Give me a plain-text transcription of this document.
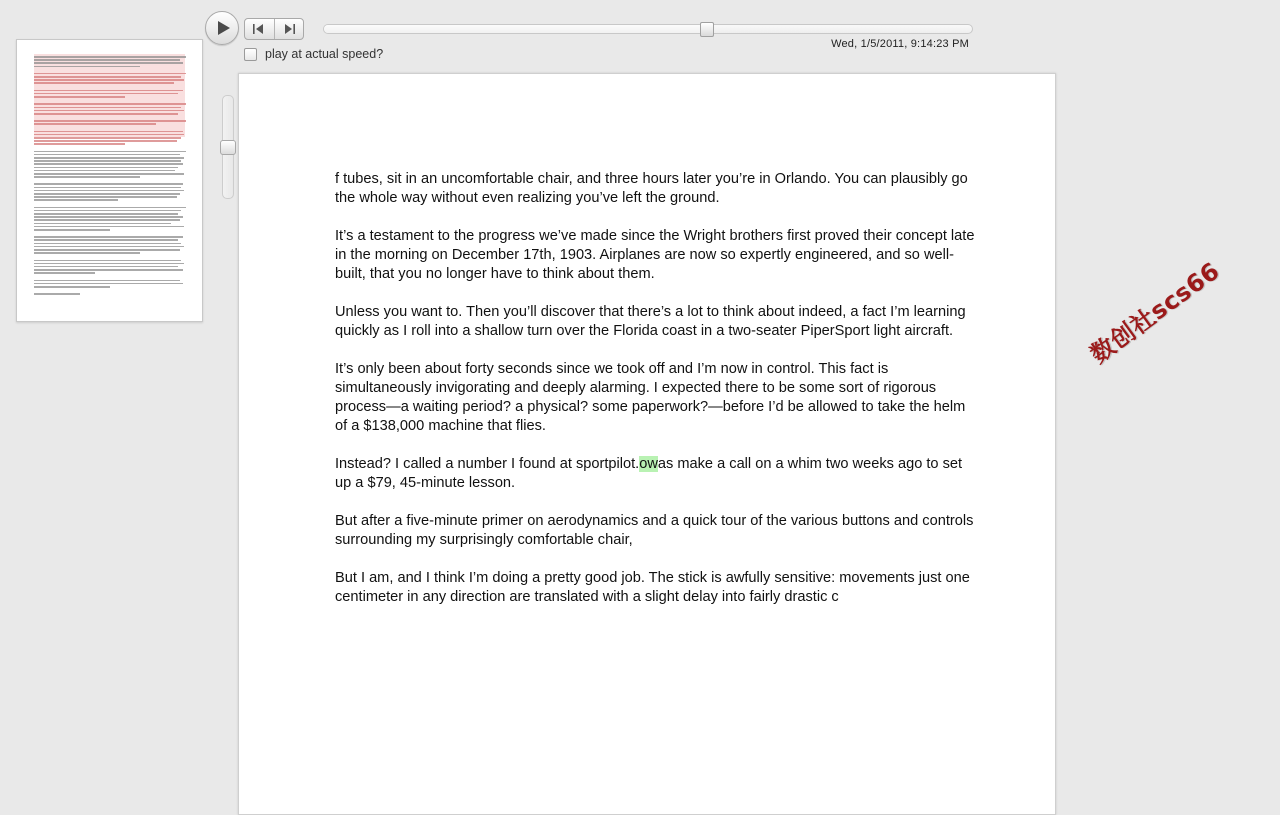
Wed, 1/5/2011, 9:14:23 PM
play at actual speed?

f tubes, sit in an uncomfortable chair, and three hours later you’re in Orlando. You can plausibly go the whole way without even realizing you’ve left the ground.

It’s a testament to the progress we’ve made since the Wright brothers first proved their concept late in the morning on December 17th, 1903. Airplanes are now so expertly engineered, and so well-built, that you no longer have to think about them.

Unless you want to. Then you’ll discover that there’s a lot to think about indeed, a fact I’m learning quickly as I roll into a shallow turn over the Florida coast in a two-seater PiperSport light aircraft.

It’s only been about forty seconds since we took off and I’m now in control. This fact is simultaneously invigorating and deeply alarming. I expected there to be some sort of rigorous process—a waiting period? a physical? some paperwork?—before I’d be allowed to take the helm of a $138,000 machine that flies.

Instead? I called a number I found at sportpilot.owas make a call on a whim two weeks ago to set up a $79, 45-minute lesson.

But after a five-minute primer on aerodynamics and a quick tour of the various buttons and controls surrounding my surprisingly comfortable chair,

But I am, and I think I’m doing a pretty good job. The stick is awfully sensitive: movements just one centimeter in any direction are translated with a slight delay into fairly drastic c

数创社scs66
